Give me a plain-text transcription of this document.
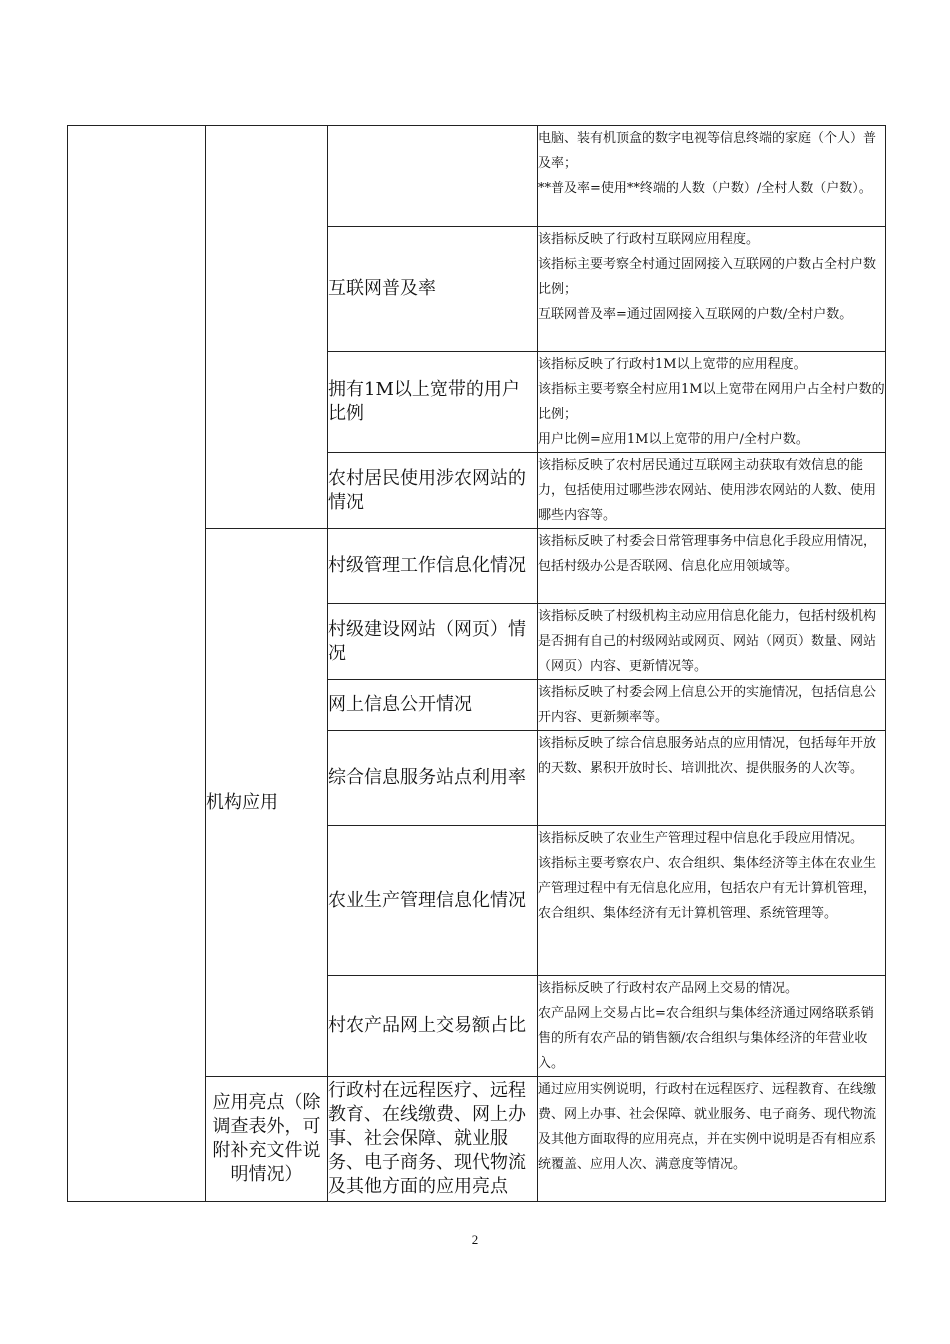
			电脑、装有机顶盒的数字电视等信息终端的家庭（个人）普及率；

**普及率=使用**终端的人数（户数）/全村人数（户数）。

		互联网普及率	该指标反映了行政村互联网应用程度。

该指标主要考察全村通过固网接入互联网的户数占全村户数比例；

互联网普及率=通过固网接入互联网的户数/全村户数。

		拥有1M以上宽带的用户比例	该指标反映了行政村1M以上宽带的应用程度。

该指标主要考察全村应用1M以上宽带在网用户占全村户数的比例；

用户比例=应用1M以上宽带的用户/全村户数。

		农村居民使用涉农网站的情况	该指标反映了农村居民通过互联网主动获取有效信息的能力，包括使用过哪些涉农网站、使用涉农网站的人数、使用哪些内容等。

	机构应用	村级管理工作信息化情况	该指标反映了村委会日常管理事务中信息化手段应用情况，包括村级办公是否联网、信息化应用领域等。

		村级建设网站（网页）情况	该指标反映了村级机构主动应用信息化能力，包括村级机构是否拥有自己的村级网站或网页、网站（网页）数量、网站（网页）内容、更新情况等。

		网上信息公开情况	该指标反映了村委会网上信息公开的实施情况，包括信息公开内容、更新频率等。

		综合信息服务站点利用率	该指标反映了综合信息服务站点的应用情况，包括每年开放的天数、累积开放时长、培训批次、提供服务的人次等。

		农业生产管理信息化情况	该指标反映了农业生产管理过程中信息化手段应用情况。

该指标主要考察农户、农合组织、集体经济等主体在农业生产管理过程中有无信息化应用，包括农户有无计算机管理，农合组织、集体经济有无计算机管理、系统管理等。

		村农产品网上交易额占比	该指标反映了行政村农产品网上交易的情况。

农产品网上交易占比=农合组织与集体经济通过网络联系销售的所有农产品的销售额/农合组织与集体经济的年营业收入。

	应用亮点（除调查表外，可附补充文件说明情况）	行政村在远程医疗、远程教育、在线缴费、网上办事、社会保障、就业服务、电子商务、现代物流及其他方面的应用亮点	通过应用实例说明，行政村在远程医疗、远程教育、在线缴费、网上办事、社会保障、就业服务、电子商务、现代物流及其他方面取得的应用亮点，并在实例中说明是否有相应系统覆盖、应用人次、满意度等情况。

2
